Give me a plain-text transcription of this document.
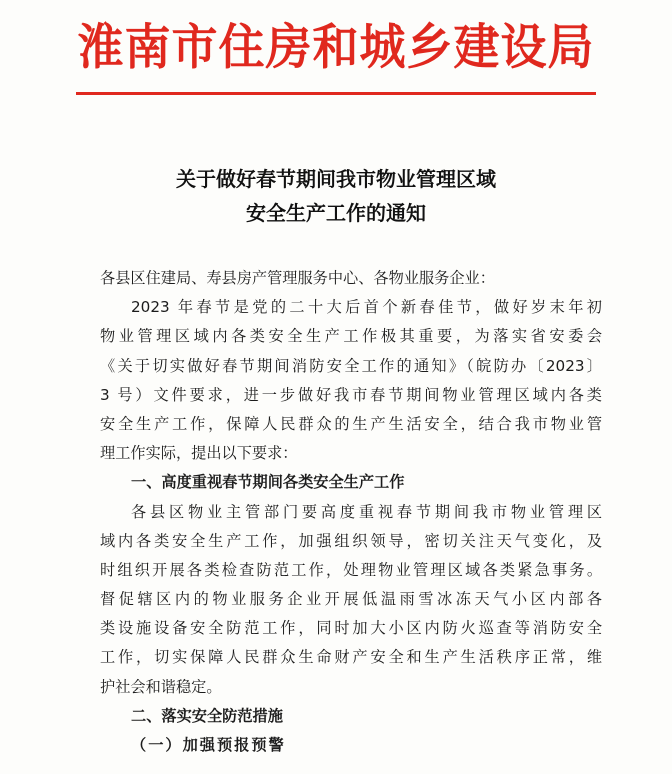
淮南市住房和城乡建设局
关于做好春节期间我市物业管理区域
安全生产工作的通知
各县区住建局、寿县房产管理服务中心、各物业服务企业：
2023 年春节是党的二十大后首个新春佳节，做好岁末年初
物业管理区域内各类安全生产工作极其重要，为落实省安委会
《关于切实做好春节期间消防安全工作的通知》（皖防办〔2023〕
3 号）文件要求，进一步做好我市春节期间物业管理区域内各类
安全生产工作，保障人民群众的生产生活安全，结合我市物业管
理工作实际，提出以下要求：
一、高度重视春节期间各类安全生产工作
各县区物业主管部门要高度重视春节期间我市物业管理区
域内各类安全生产工作，加强组织领导，密切关注天气变化，及
时组织开展各类检查防范工作，处理物业管理区域各类紧急事务。
督促辖区内的物业服务企业开展低温雨雪冰冻天气小区内部各
类设施设备安全防范工作，同时加大小区内防火巡查等消防安全
工作，切实保障人民群众生命财产安全和生产生活秩序正常，维
护社会和谐稳定。
二、落实安全防范措施
（一）加强预报预警
